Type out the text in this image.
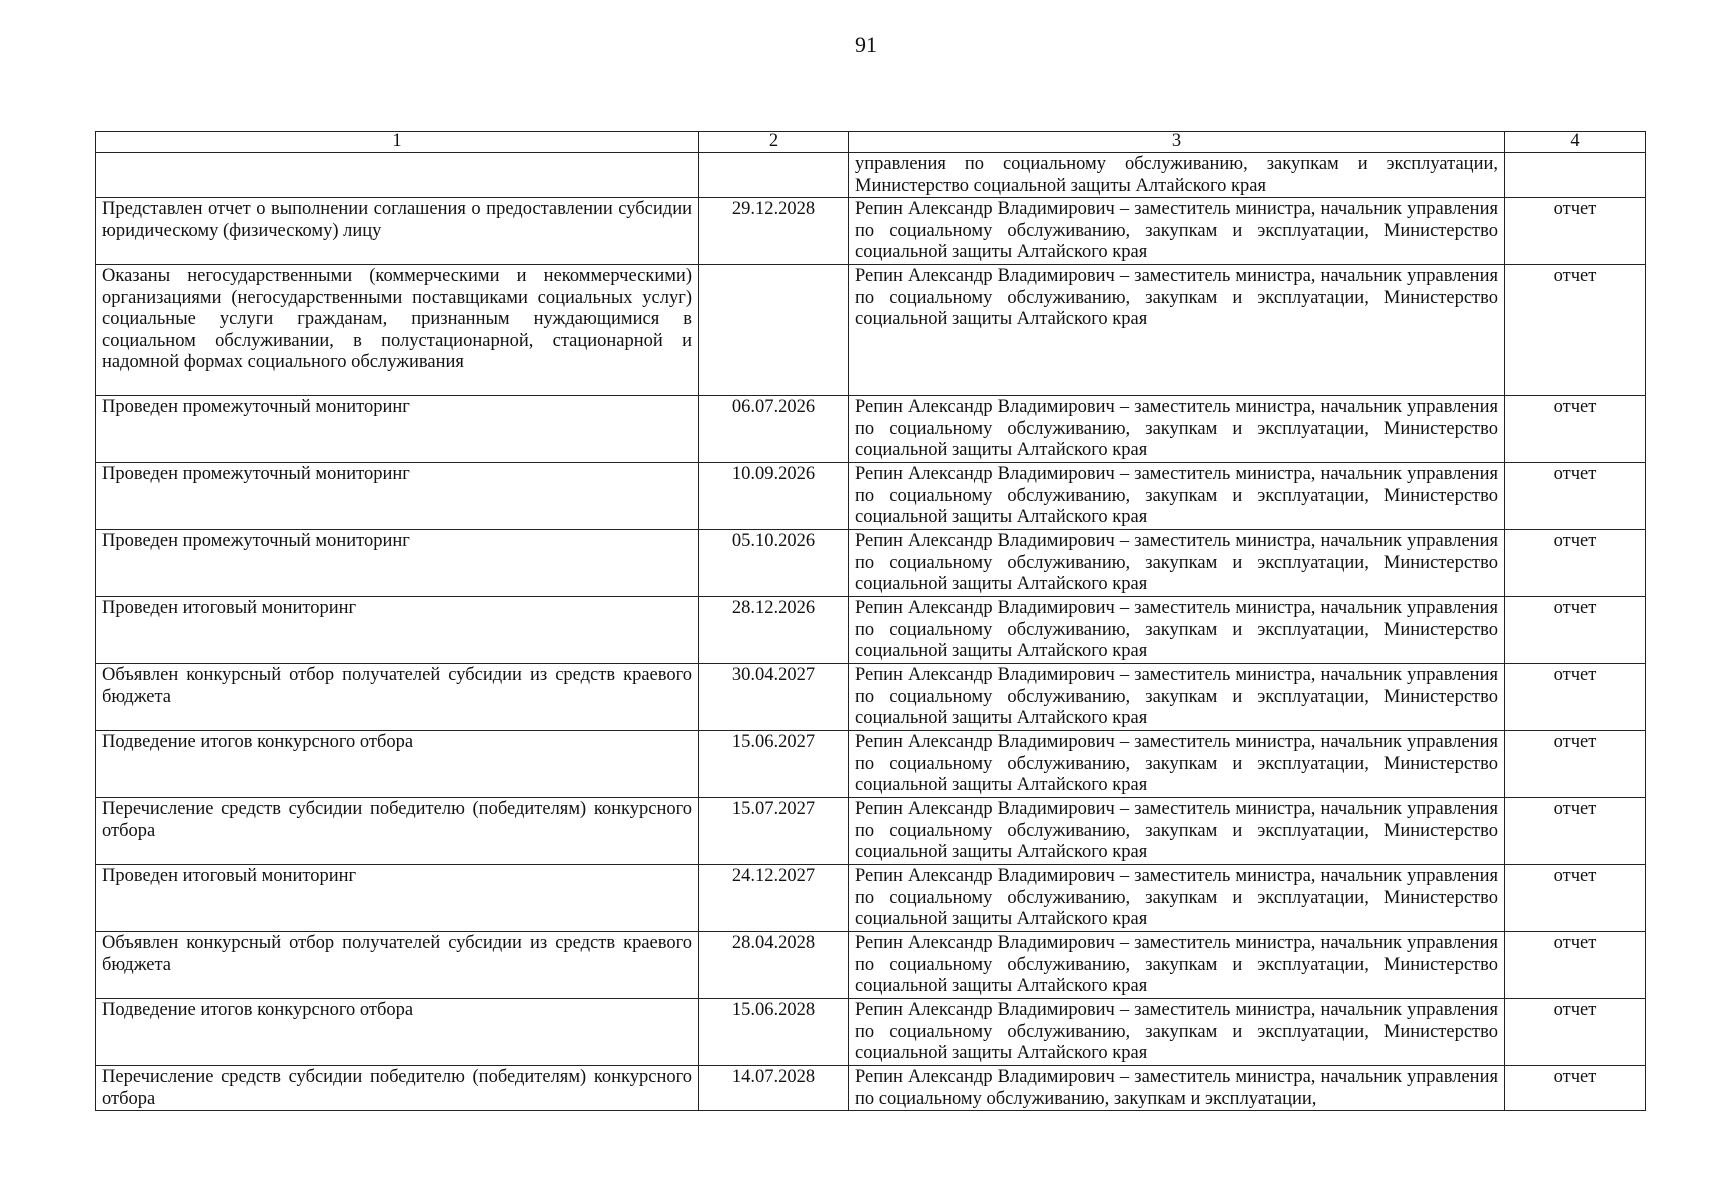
91
1	2	3	4
		управления по социальному обслуживанию, закупкам и эксплуатации, Министерство социальной защиты Алтайского края	
Представлен отчет о выполнении соглашения о предоставлении субсидии юридическому (физическому) лицу	29.12.2028	Репин Александр Владимирович – заместитель министра, начальник управления по социальному обслуживанию, закупкам и эксплуатации, Министерство социальной защиты Алтайского края	отчет
Оказаны негосударственными (коммерческими и некоммерческими) организациями (негосударственными поставщиками социальных услуг) социальные услуги гражданам, признанным нуждающимися в социальном обслуживании, в полустационарной, стационарной и надомной формах социального обслуживания		Репин Александр Владимирович – заместитель министра, начальник управления по социальному обслуживанию, закупкам и эксплуатации, Министерство социальной защиты Алтайского края	отчет
Проведен промежуточный мониторинг	06.07.2026	Репин Александр Владимирович – заместитель министра, начальник управления по социальному обслуживанию, закупкам и эксплуатации, Министерство социальной защиты Алтайского края	отчет
Проведен промежуточный мониторинг	10.09.2026	Репин Александр Владимирович – заместитель министра, начальник управления по социальному обслуживанию, закупкам и эксплуатации, Министерство социальной защиты Алтайского края	отчет
Проведен промежуточный мониторинг	05.10.2026	Репин Александр Владимирович – заместитель министра, начальник управления по социальному обслуживанию, закупкам и эксплуатации, Министерство социальной защиты Алтайского края	отчет
Проведен итоговый мониторинг	28.12.2026	Репин Александр Владимирович – заместитель министра, начальник управления по социальному обслуживанию, закупкам и эксплуатации, Министерство социальной защиты Алтайского края	отчет
Объявлен конкурсный отбор получателей субсидии из средств краевого бюджета	30.04.2027	Репин Александр Владимирович – заместитель министра, начальник управления по социальному обслуживанию, закупкам и эксплуатации, Министерство социальной защиты Алтайского края	отчет
Подведение итогов конкурсного отбора	15.06.2027	Репин Александр Владимирович – заместитель министра, начальник управления по социальному обслуживанию, закупкам и эксплуатации, Министерство социальной защиты Алтайского края	отчет
Перечисление средств субсидии победителю (победителям) конкурсного отбора	15.07.2027	Репин Александр Владимирович – заместитель министра, начальник управления по социальному обслуживанию, закупкам и эксплуатации, Министерство социальной защиты Алтайского края	отчет
Проведен итоговый мониторинг	24.12.2027	Репин Александр Владимирович – заместитель министра, начальник управления по социальному обслуживанию, закупкам и эксплуатации, Министерство социальной защиты Алтайского края	отчет
Объявлен конкурсный отбор получателей субсидии из средств краевого бюджета	28.04.2028	Репин Александр Владимирович – заместитель министра, начальник управления по социальному обслуживанию, закупкам и эксплуатации, Министерство социальной защиты Алтайского края	отчет
Подведение итогов конкурсного отбора	15.06.2028	Репин Александр Владимирович – заместитель министра, начальник управления по социальному обслуживанию, закупкам и эксплуатации, Министерство социальной защиты Алтайского края	отчет
Перечисление средств субсидии победителю (победителям) конкурсного отбора	14.07.2028	Репин Александр Владимирович – заместитель министра, начальник управления по социальному обслуживанию, закупкам и эксплуатации,	отчет
